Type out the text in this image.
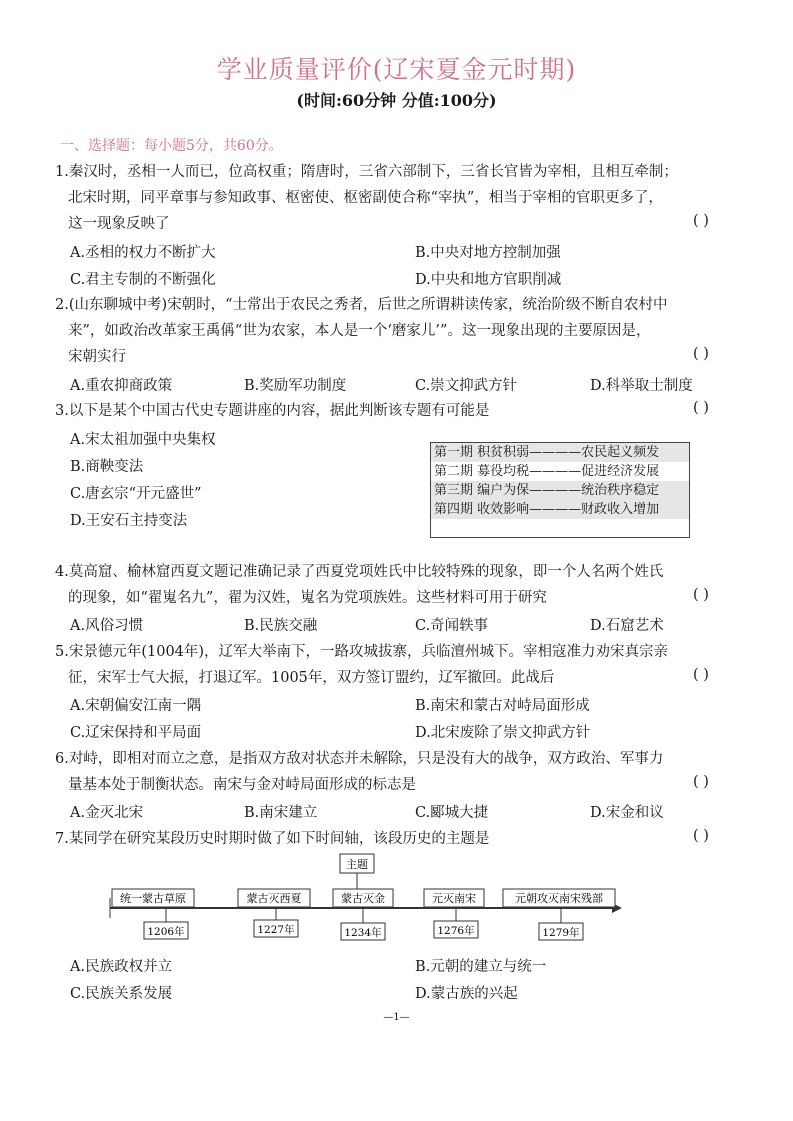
学业质量评价(辽宋夏金元时期)
(时间:60分钟 分值:100分)
一、选择题：每小题5分，共60分。
1.秦汉时，丞相一人而已，位高权重；隋唐时，三省六部制下，三省长官皆为宰相，且相互牵制；
北宋时期，同平章事与参知政事、枢密使、枢密副使合称“宰执”，相当于宰相的官职更多了，
这一现象反映了	( )
A.丞相的权力不断扩大	B.中央对地方控制加强
C.君主专制的不断强化	D.中央和地方官职削减
2.(山东聊城中考)宋朝时，“士常出于农民之秀者，后世之所谓耕读传家，统治阶级不断自农村中
来”，如政治改革家王禹偁“世为农家，本人是一个‘磨家儿’”。这一现象出现的主要原因是，
宋朝实行	( )
A.重农抑商政策	B.奖励军功制度	C.崇文抑武方针	D.科举取士制度
3.以下是某个中国古代史专题讲座的内容，据此判断该专题有可能是	( )
A.宋太祖加强中央集权
B.商鞅变法
C.唐玄宗“开元盛世”
D.王安石主持变法
第一期 积贫积弱————农民起义频发
第二期 募役均税————促进经济发展
第三期 编户为保————统治秩序稳定
第四期 收效影响————财政收入增加
4.莫高窟、榆林窟西夏文题记准确记录了西夏党项姓氏中比较特殊的现象，即一个人名两个姓氏
的现象，如“翟嵬名九”，翟为汉姓，嵬名为党项族姓。这些材料可用于研究	( )
A.风俗习惯	B.民族交融	C.奇闻轶事	D.石窟艺术
5.宋景德元年(1004年)，辽军大举南下，一路攻城拔寨，兵临澶州城下。宰相寇准力劝宋真宗亲
征，宋军士气大振，打退辽军。1005年，双方签订盟约，辽军撤回。此战后	( )
A.宋朝偏安江南一隅	B.南宋和蒙古对峙局面形成
C.辽宋保持和平局面	D.北宋废除了崇文抑武方针
6.对峙，即相对而立之意，是指双方敌对状态并未解除，只是没有大的战争，双方政治、军事力
量基本处于制衡状态。南宋与金对峙局面形成的标志是	( )
A.金灭北宋	B.南宋建立	C.郾城大捷	D.宋金和议
7.某同学在研究某段历史时期时做了如下时间轴，该段历史的主题是	( )
主题
统一蒙古草原
1206年
蒙古灭西夏
1227年
蒙古灭金
1234年
元灭南宋
1276年
元朝攻灭南宋残部
1279年
A.民族政权并立	B.元朝的建立与统一
C.民族关系发展	D.蒙古族的兴起
—1—
